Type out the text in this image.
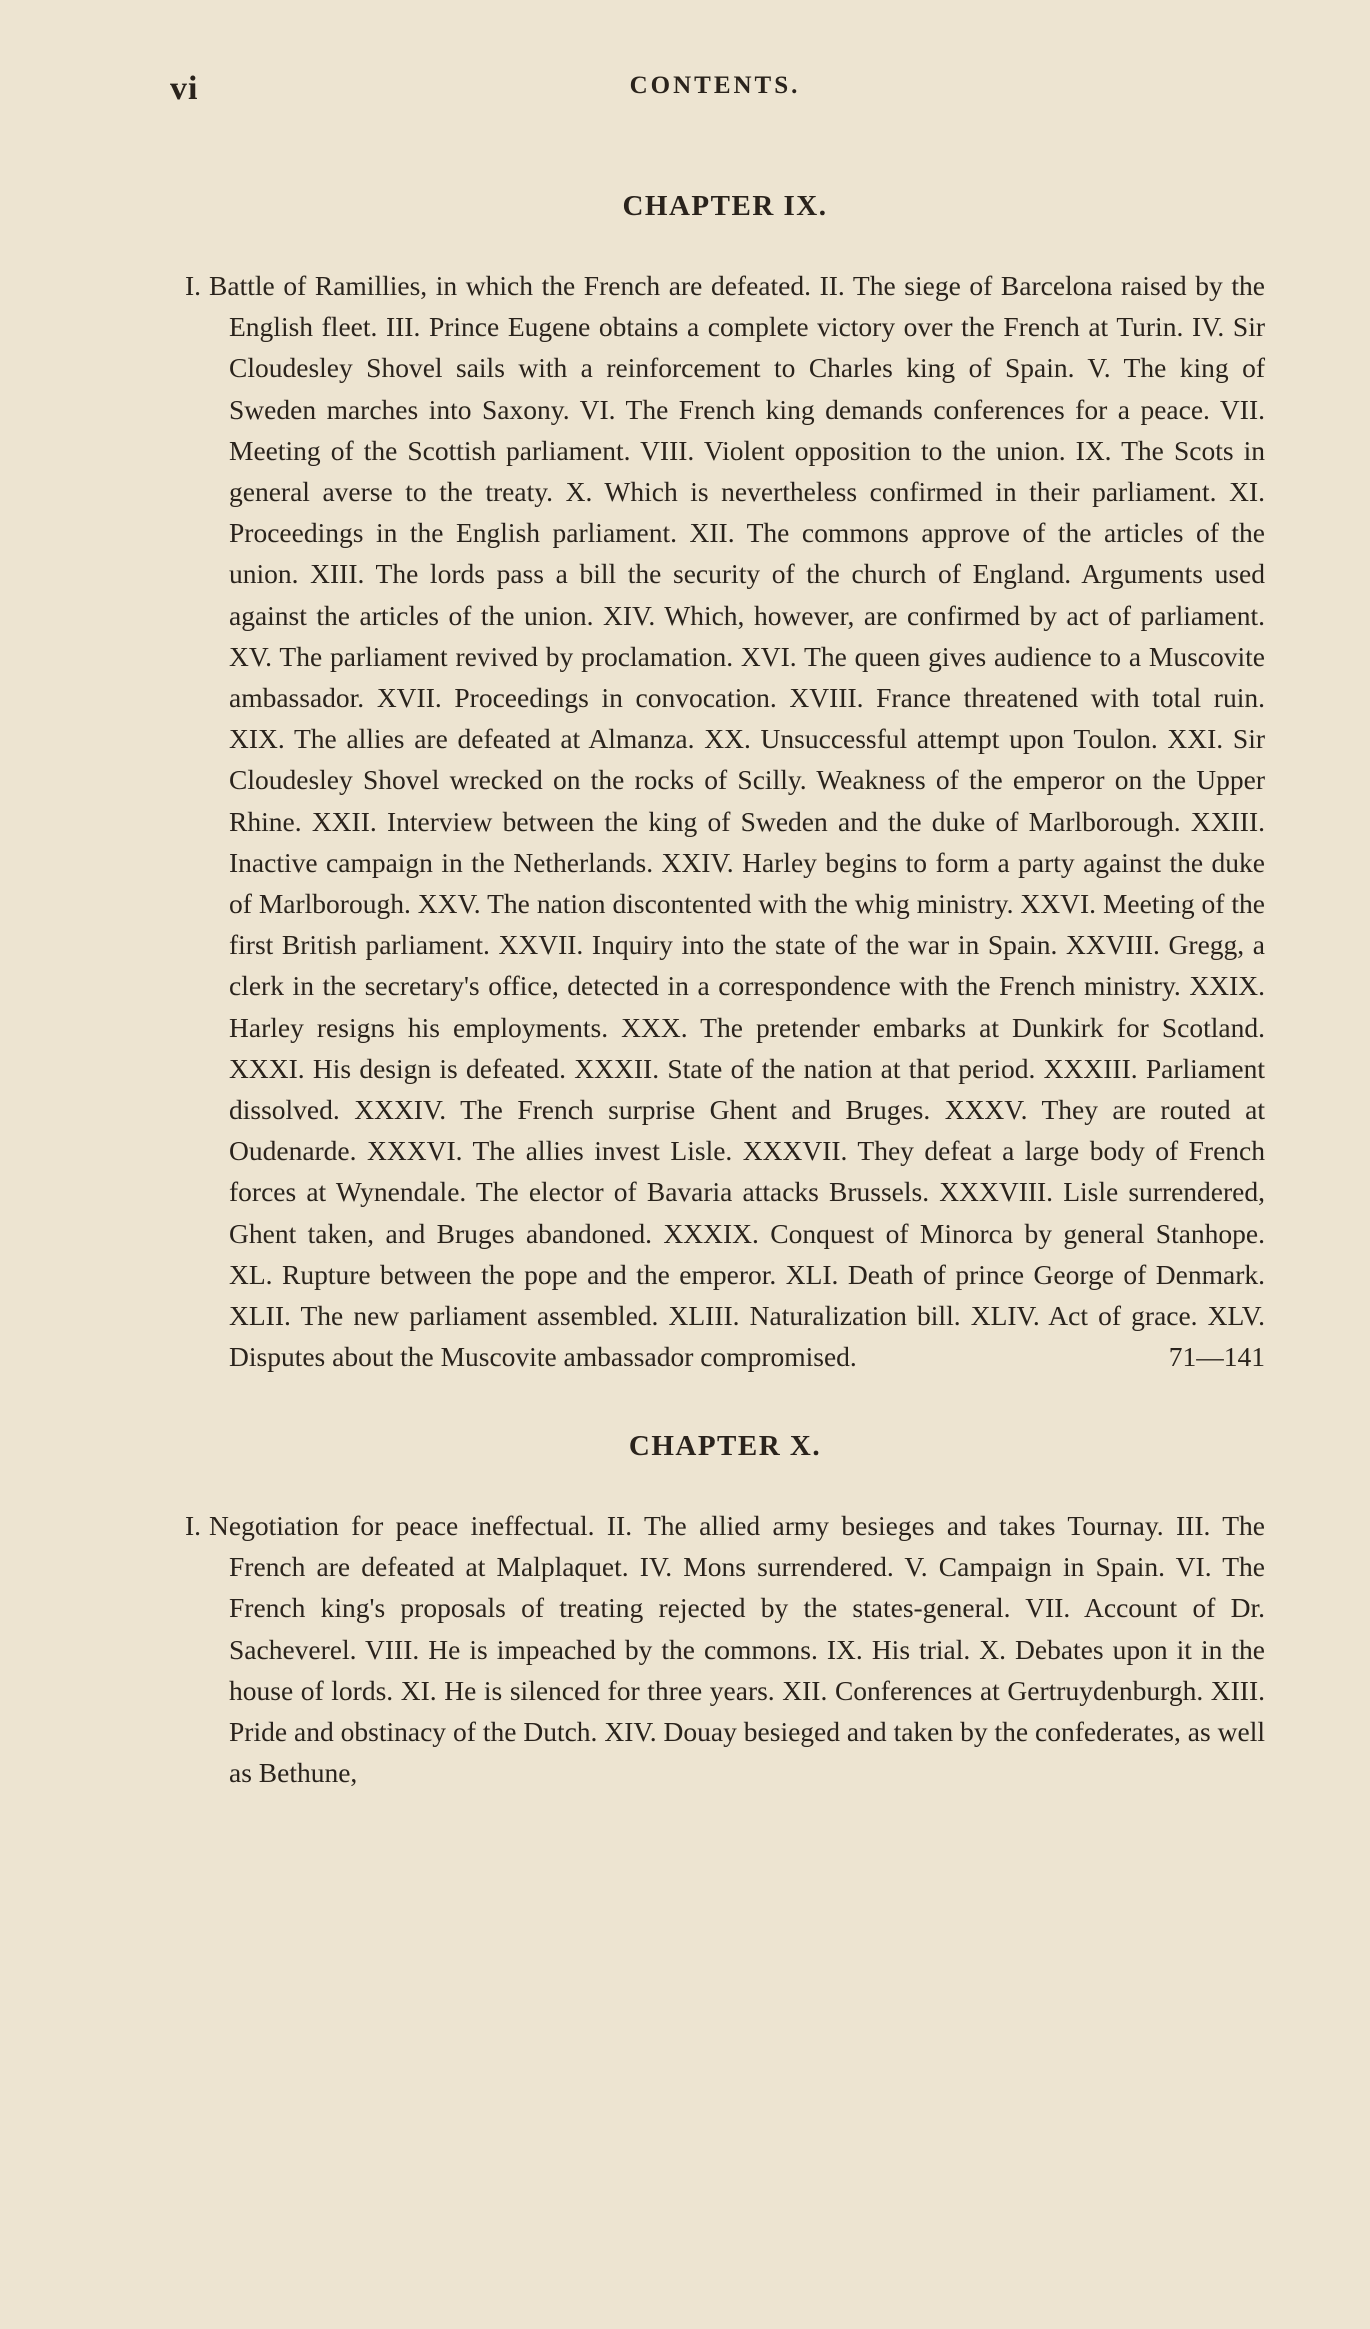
vi	CONTENTS.
CHAPTER IX.

I. Battle of Ramillies, in which the French are defeated. II. The siege of Barcelona raised by the English fleet. III. Prince Eugene obtains a complete victory over the French at Turin. IV. Sir Cloudesley Shovel sails with a reinforcement to Charles king of Spain. V. The king of Sweden marches into Saxony. VI. The French king demands conferences for a peace. VII. Meeting of the Scottish parliament. VIII. Violent opposition to the union. IX. The Scots in general averse to the treaty. X. Which is nevertheless confirmed in their parliament. XI. Proceedings in the English parliament. XII. The commons approve of the articles of the union. XIII. The lords pass a bill the security of the church of England. Arguments used against the articles of the union. XIV. Which, however, are confirmed by act of parliament. XV. The parliament revived by proclamation. XVI. The queen gives audience to a Muscovite ambassador. XVII. Proceedings in convocation. XVIII. France threatened with total ruin. XIX. The allies are defeated at Almanza. XX. Unsuccessful attempt upon Toulon. XXI. Sir Cloudesley Shovel wrecked on the rocks of Scilly. Weakness of the emperor on the Upper Rhine. XXII. Interview between the king of Sweden and the duke of Marlborough. XXIII. Inactive campaign in the Netherlands. XXIV. Harley begins to form a party against the duke of Marlborough. XXV. The nation discontented with the whig ministry. XXVI. Meeting of the first British parliament. XXVII. Inquiry into the state of the war in Spain. XXVIII. Gregg, a clerk in the secretary's office, detected in a correspondence with the French ministry. XXIX. Harley resigns his employments. XXX. The pretender embarks at Dunkirk for Scotland. XXXI. His design is defeated. XXXII. State of the nation at that period. XXXIII. Parliament dissolved. XXXIV. The French surprise Ghent and Bruges. XXXV. They are routed at Oudenarde. XXXVI. The allies invest Lisle. XXXVII. They defeat a large body of French forces at Wynendale. The elector of Bavaria attacks Brussels. XXXVIII. Lisle surrendered, Ghent taken, and Bruges abandoned. XXXIX. Conquest of Minorca by general Stanhope. XL. Rupture between the pope and the emperor. XLI. Death of prince George of Denmark. XLII. The new parliament assembled. XLIII. Naturalization bill. XLIV. Act of grace. XLV. Disputes about the Muscovite ambassador compromised.	71—141

CHAPTER X.

I. Negotiation for peace ineffectual. II. The allied army besieges and takes Tournay. III. The French are defeated at Malplaquet. IV. Mons surrendered. V. Campaign in Spain. VI. The French king's proposals of treating rejected by the states-general. VII. Account of Dr. Sacheverel. VIII. He is impeached by the commons. IX. His trial. X. Debates upon it in the house of lords. XI. He is silenced for three years. XII. Conferences at Gertruydenburgh. XIII. Pride and obstinacy of the Dutch. XIV. Douay besieged and taken by the confederates, as well as Bethune,
